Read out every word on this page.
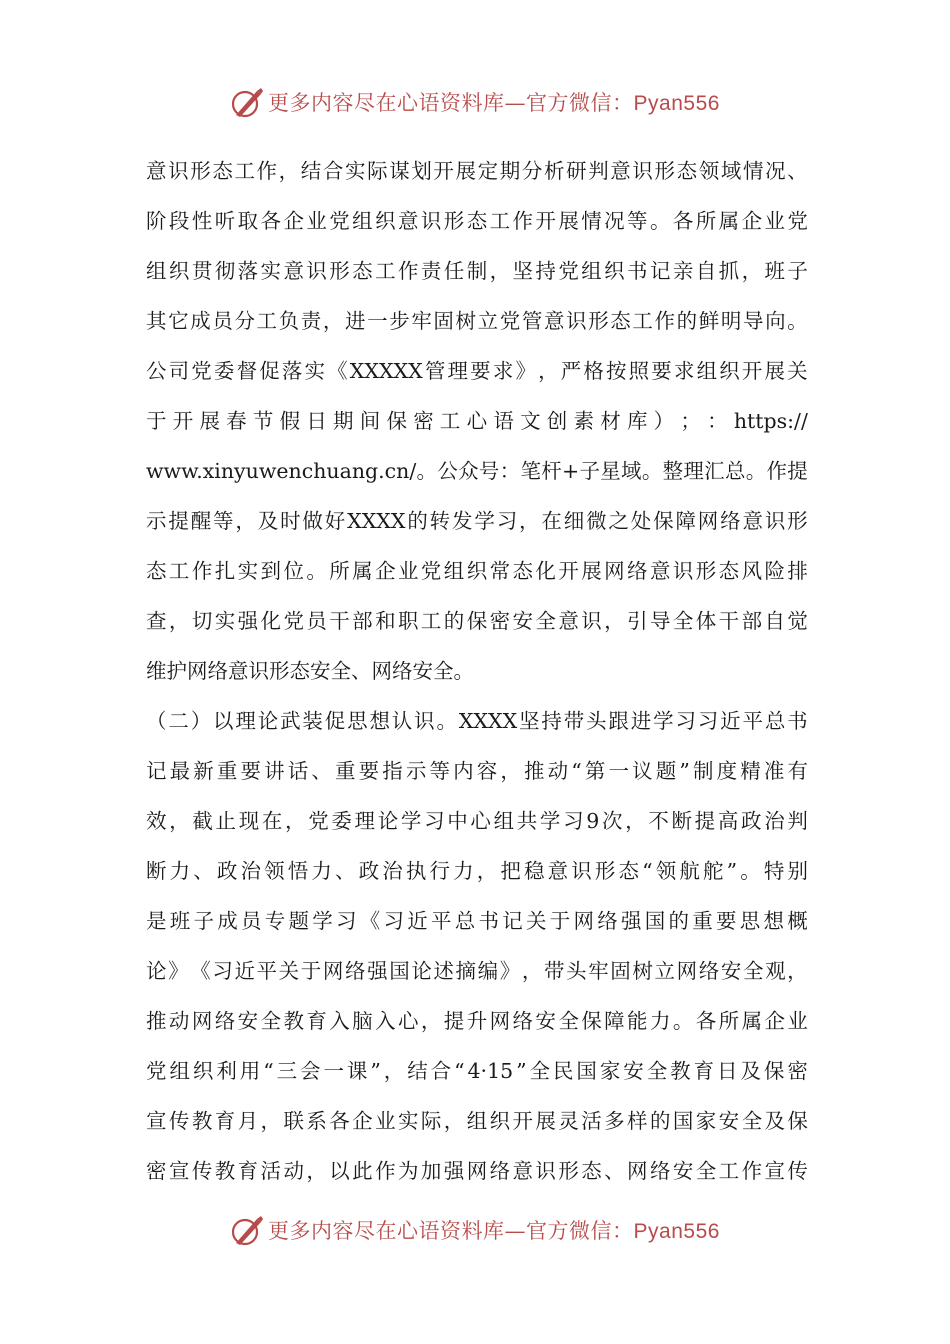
更多内容尽在心语资料库—官方微信：Pyan556
意 识 形 态 工 作 ， 结 合 实 际 谋 划 开 展 定 期 分 析 研 判 意 识 形 态 领 域 情 况 、
阶 段 性 听 取 各 企 业 党 组 织 意 识 形 态 工 作 开 展 情 况 等 。 各 所 属 企 业 党
组 织 贯 彻 落 实 意 识 形 态 工 作 责 任 制 ， 坚 持 党 组 织 书 记 亲 自 抓 ， 班 子
其 它 成 员 分 工 负 责 ， 进 一 步 牢 固 树 立 党 管 意 识 形 态 工 作 的 鲜 明 导 向 。
公 司 党 委 督 促 落 实 《 XXXXX 管 理 要 求 》 ， 严 格 按 照 要 求 组 织 开 展 关
于 开 展 春 节 假 日 期 间 保 密 工 心 语 文 创 素 材 库 ） ； ： https://
www.xinyuwenchuang.cn/ 。 公 众 号 ： 笔 杆 + 子 星 域 。 整 理 汇 总 。 作 提
示 提 醒 等 ， 及 时 做 好 XXXX 的 转 发 学 习 ， 在 细 微 之 处 保 障 网 络 意 识 形
态 工 作 扎 实 到 位 。 所 属 企 业 党 组 织 常 态 化 开 展 网 络 意 识 形 态 风 险 排
查 ， 切 实 强 化 党 员 干 部 和 职 工 的 保 密 安 全 意 识 ， 引 导 全 体 干 部 自 觉
维护网络意识形态安全、网络安全。
（ 二 ） 以 理 论 武 装 促 思 想 认 识 。 XXXX 坚 持 带 头 跟 进 学 习 习 近 平 总 书
记 最 新 重 要 讲 话 、 重 要 指 示 等 内 容 ， 推 动 “ 第 一 议 题 ” 制 度 精 准 有
效 ， 截 止 现 在 ， 党 委 理 论 学 习 中 心 组 共 学 习 9 次 ， 不 断 提 高 政 治 判
断 力 、 政 治 领 悟 力 、 政 治 执 行 力 ， 把 稳 意 识 形 态 “ 领 航 舵 ” 。 特 别
是 班 子 成 员 专 题 学 习 《 习 近 平 总 书 记 关 于 网 络 强 国 的 重 要 思 想 概
论 》 《 习 近 平 关 于 网 络 强 国 论 述 摘 编 》 ， 带 头 牢 固 树 立 网 络 安 全 观 ，
推 动 网 络 安 全 教 育 入 脑 入 心 ， 提 升 网 络 安 全 保 障 能 力 。 各 所 属 企 业
党 组 织 利 用 “ 三 会 一 课 ” ， 结 合 “ 4·15 ” 全 民 国 家 安 全 教 育 日 及 保 密
宣 传 教 育 月 ， 联 系 各 企 业 实 际 ， 组 织 开 展 灵 活 多 样 的 国 家 安 全 及 保
密 宣 传 教 育 活 动 ， 以 此 作 为 加 强 网 络 意 识 形 态 、 网 络 安 全 工 作 宣 传
更多内容尽在心语资料库—官方微信：Pyan556
